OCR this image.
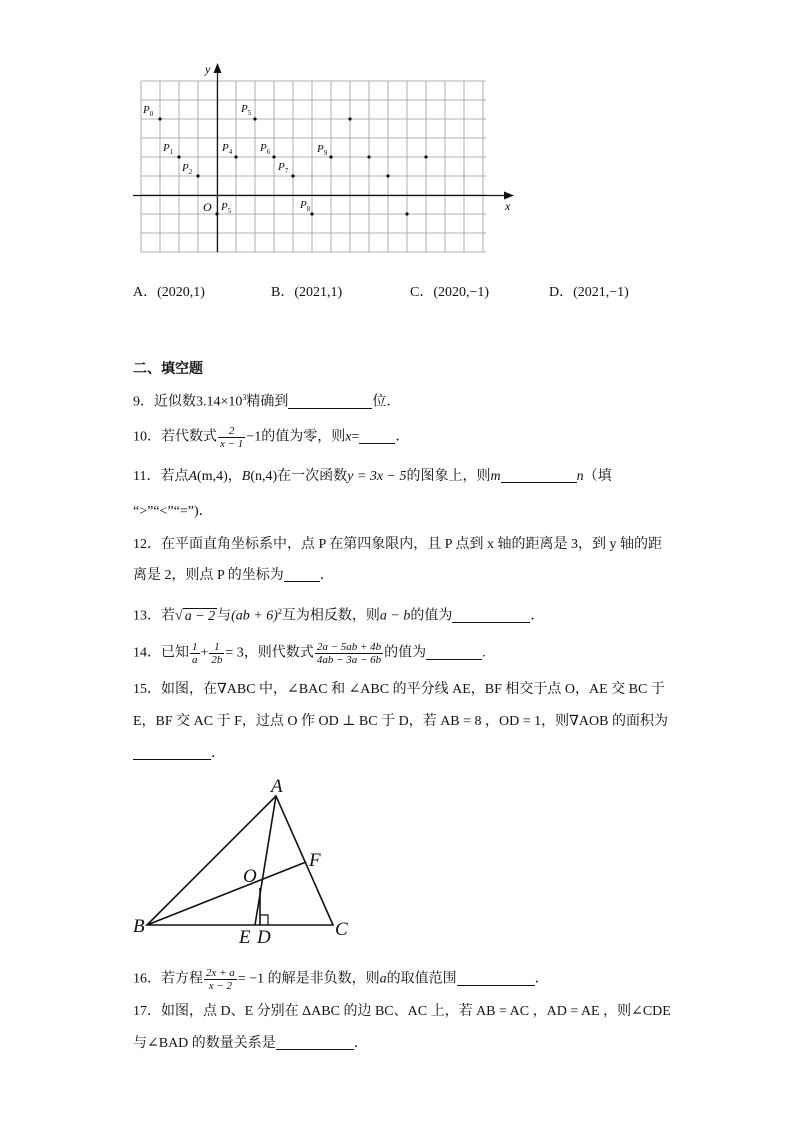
y
x
O
$P_0$
$P_1$
$P_2$
$P_5$
$P_4$
$P_5$
$P_6$
$P_7$
$P_8$
$P_9$
A．(2020,1)	B．(2021,1)	C．(2020,−1)	D．(2021,−1)
二、填空题
9．近似数$3.14\times 10^3$精确到	位．
10．若代数式 $\frac{2}{x - 1} -1$的值为零，则x=	．
11．若点A(m,4)，B(n,4)在一次函数y = 3x − 5的图象上，则m	n（填
“>”“<”“=”)．
12．在平面直角坐标系中，点 P 在第四象限内，且 P 点到 x 轴的距离是 3，到 y 轴的距
离是 2，则点 P 的坐标为	．
13．若√ a − 2 与(ab + 6)$^2$互为相反数，则a − b的值为	．
14．已知 $\frac{1}{a} + \frac{1}{2b} = 3$，则代数式 $\frac{2a - 5ab + 4b}{4ab - 3a - 6b}$ 的值为	.
15．如图，在∇ABC 中，∠BAC 和 ∠ABC 的平分线 AE，BF 相交于点 O，AE 交 BC 于
E，BF 交 AC 于 F，过点 O 作 OD ⊥ BC 于 D，若 AB = 8 ，OD = 1，则∇AOB 的面积为
．
A
B	C
O
F
E D
16．若方程 $\frac{2x + a}{x - 2} = -1$ 的解是非负数，则a的取值范围	．
17．如图，点 D、E 分别在 ΔABC 的边 BC、AC 上，若 AB = AC ，AD = AE ，则∠CDE
与∠BAD 的数量关系是	．
